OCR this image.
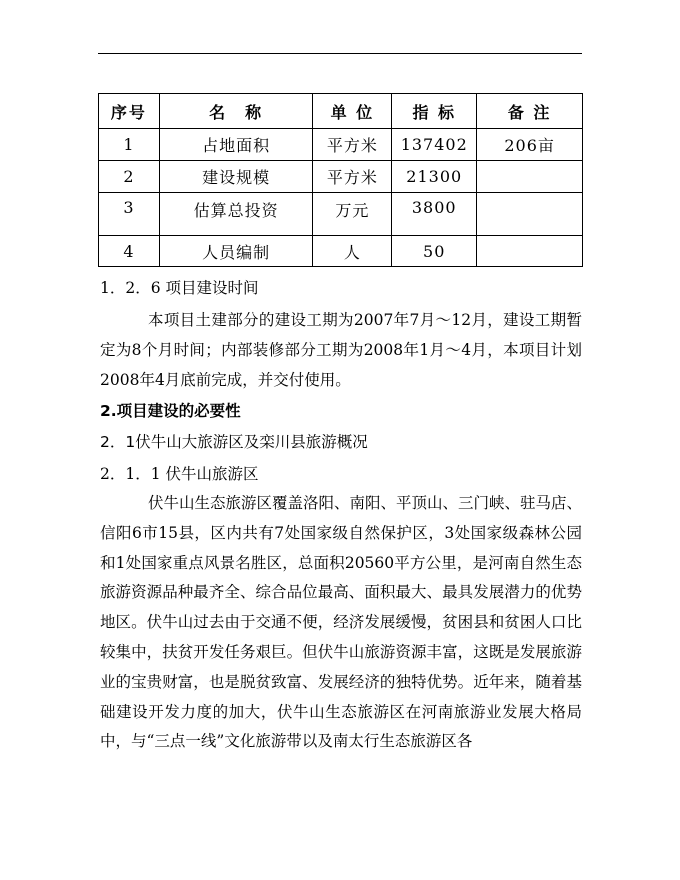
序号	名　称	单 位	指 标	备 注
1	占地面积	平方米	137402	206亩
2	建设规模	平方米	21300	
3	估算总投资	万元	3800	
4	人员编制	人	50	
1．2．6 项目建设时间
本项目土建部分的建设工期为2007年7月～12月，建设工期暂定为8个月时间；内部装修部分工期为2008年1月～4月，本项目计划2008年4月底前完成，并交付使用。
2.项目建设的必要性
2．1伏牛山大旅游区及栾川县旅游概况
2．1．1 伏牛山旅游区
伏牛山生态旅游区覆盖洛阳、南阳、平顶山、三门峡、驻马店、信阳6市15县，区内共有7处国家级自然保护区，3处国家级森林公园和1处国家重点风景名胜区，总面积20560平方公里，是河南自然生态旅游资源品种最齐全、综合品位最高、面积最大、最具发展潜力的优势地区。伏牛山过去由于交通不便，经济发展缓慢，贫困县和贫困人口比较集中，扶贫开发任务艰巨。但伏牛山旅游资源丰富，这既是发展旅游业的宝贵财富，也是脱贫致富、发展经济的独特优势。近年来，随着基础建设开发力度的加大，伏牛山生态旅游区在河南旅游业发展大格局中，与“三点一线”文化旅游带以及南太行生态旅游区各
